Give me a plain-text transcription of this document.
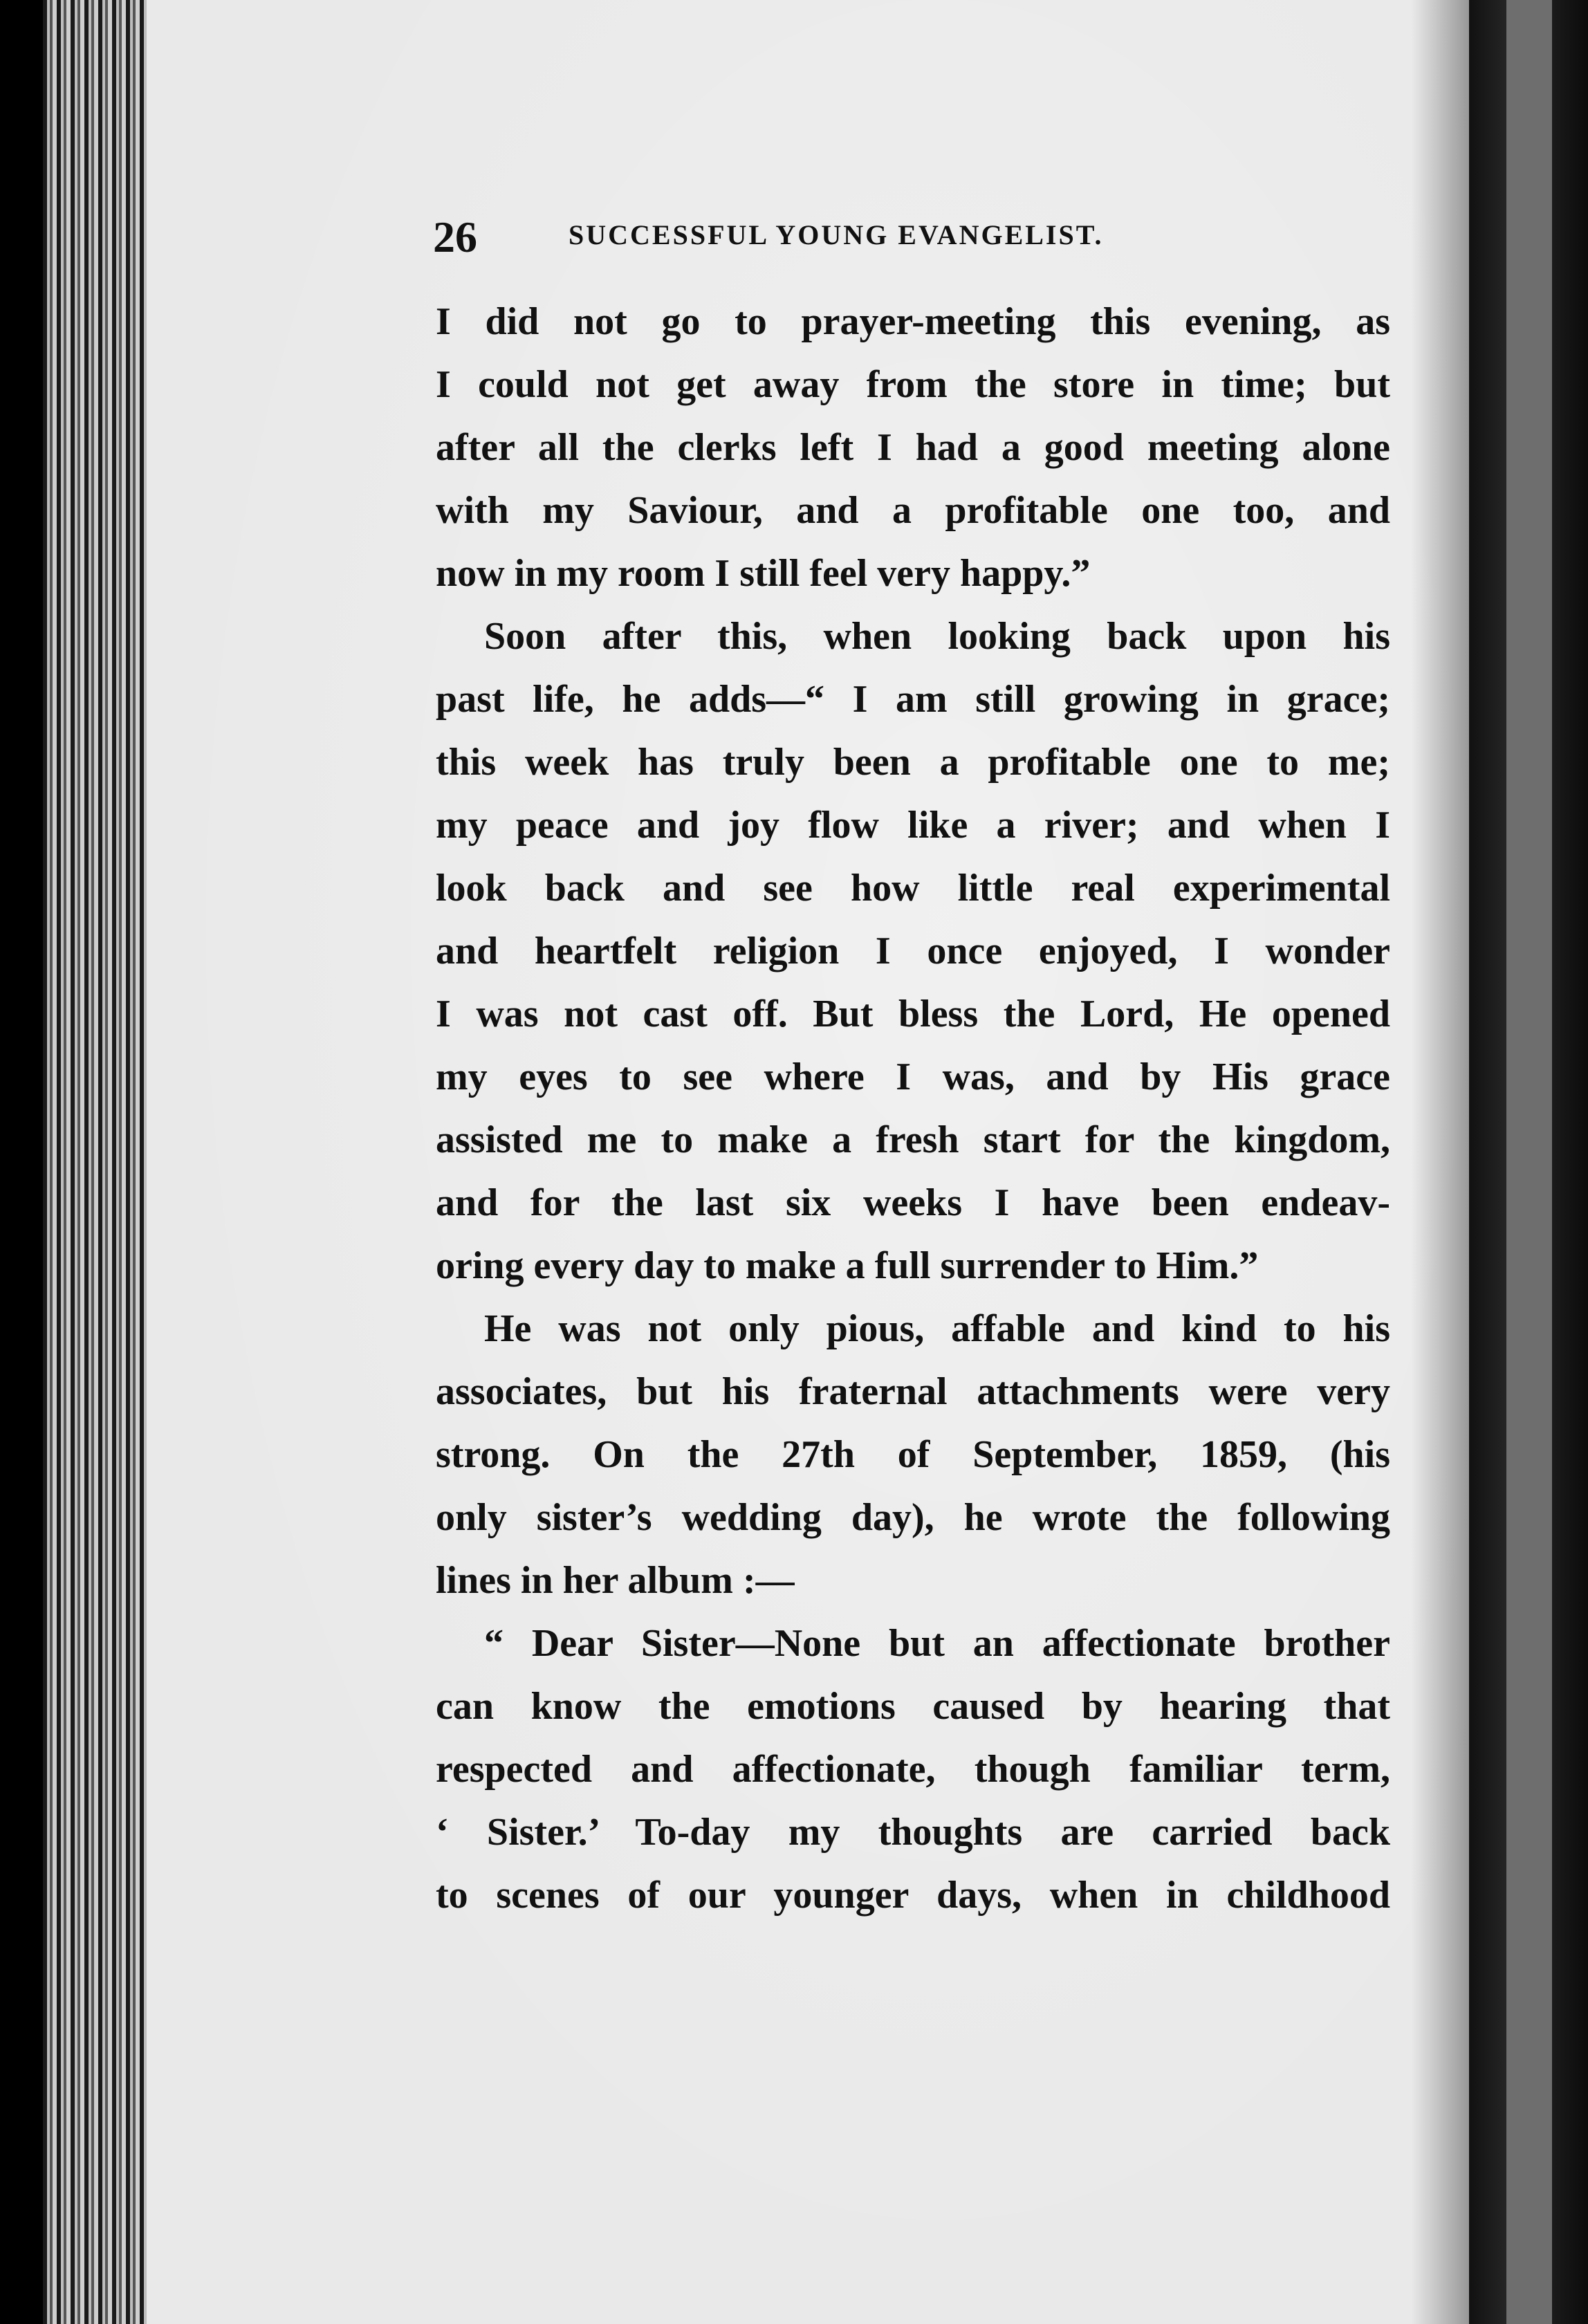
26	SUCCESSFUL YOUNG EVANGELIST.
I did not go to prayer-meeting this evening, as
I could not get away from the store in time; but
after all the clerks left I had a good meeting alone
with my Saviour, and a profitable one too, and
now in my room I still feel very happy.”
Soon after this, when looking back upon his
past life, he adds—“ I am still growing in grace;
this week has truly been a profitable one to me;
my peace and joy flow like a river; and when I
look back and see how little real experimental
and heartfelt religion I once enjoyed, I wonder
I was not cast off. But bless the Lord, He opened
my eyes to see where I was, and by His grace
assisted me to make a fresh start for the kingdom,
and for the last six weeks I have been endeav-
oring every day to make a full surrender to Him.”
He was not only pious, affable and kind to his
associates, but his fraternal attachments were very
strong. On the 27th of September, 1859, (his
only sister’s wedding day), he wrote the following
lines in her album :—
“ Dear Sister—None but an affectionate brother
can know the emotions caused by hearing that
respected and affectionate, though familiar term,
‘ Sister.’ To-day my thoughts are carried back
to scenes of our younger days, when in childhood
